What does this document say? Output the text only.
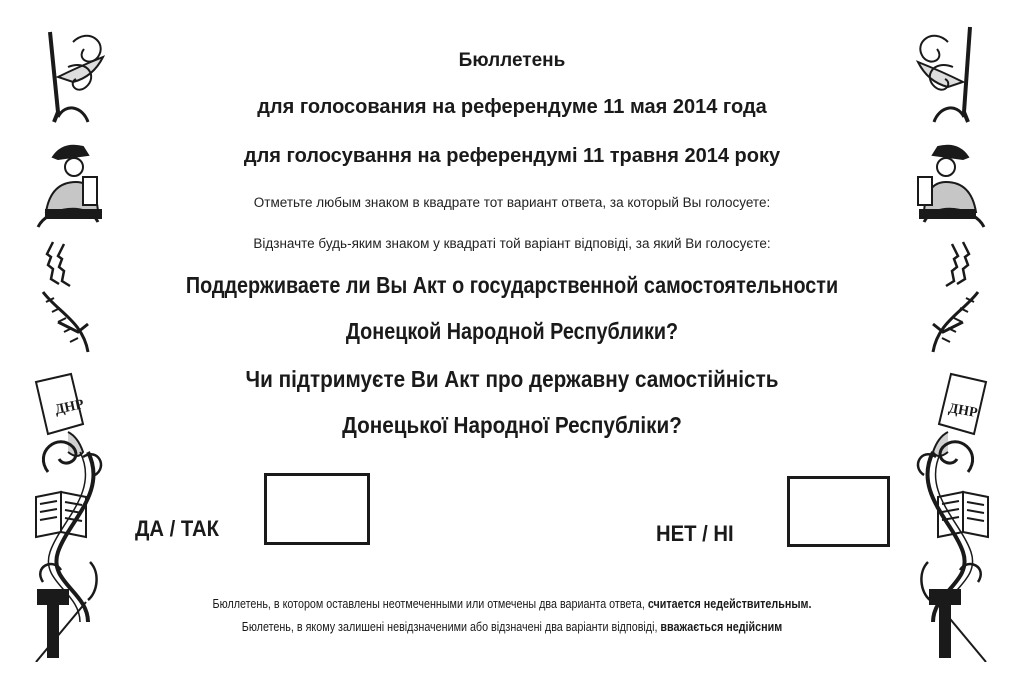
ДНР	ДНР
Бюллетень
для голосования на референдуме 11 мая 2014 года
для голосування на референдумі 11 травня 2014 року
Отметьте любым знаком в квадрате тот вариант ответа, за который Вы голосуете:
Відзначте будь-яким знаком у квадраті той варіант відповіді, за який Ви голосуєте:
Поддерживаете ли Вы Акт о государственной самостоятельности
Донецкой Народной Республики?
Чи підтримуєте Ви Акт про державну самостійність
Донецької Народної Республіки?
ДА / ТАК	НЕТ / НІ
Бюллетень, в котором оставлены неотмеченными или отмечены два варианта ответа, считается недействительным.
Бюлетень, в якому залишені невідзначеними або відзначені два варіанти відповіді, вважається недійсним
